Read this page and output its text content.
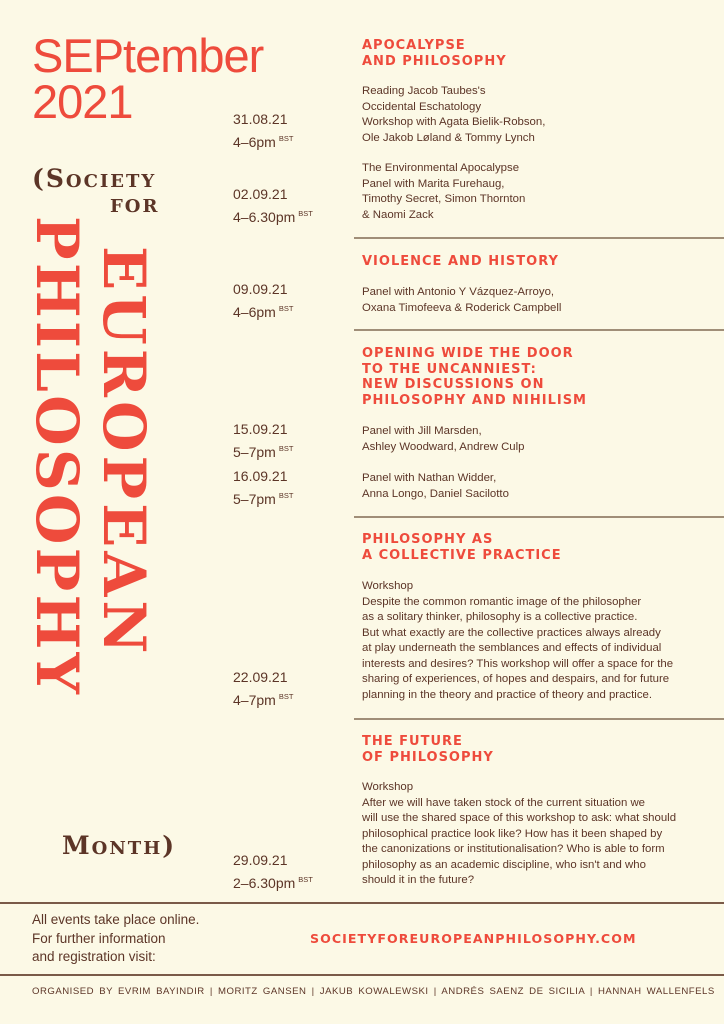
SEPtember
2021
(Society
for
PHILOSOPHY EUROPEAN
Month)
31.08.21
4–6pm $^{BST}$
02.09.21
4–6.30pm $^{BST}$
09.09.21
4–6pm $^{BST}$
15.09.21
5–7pm $^{BST}$
16.09.21
5–7pm $^{BST}$
22.09.21
4–7pm $^{BST}$
29.09.21
2–6.30pm $^{BST}$
APOCALYPSE
AND PHILOSOPHY
Reading Jacob Taubes's
Occidental Eschatology
Workshop with Agata Bielik-Robson,
Ole Jakob Løland & Tommy Lynch
The Environmental Apocalypse
Panel with Marita Furehaug,
Timothy Secret, Simon Thornton
& Naomi Zack
VIOLENCE AND HISTORY
Panel with Antonio Y Vázquez-Arroyo,
Oxana Timofeeva & Roderick Campbell
OPENING WIDE THE DOOR
TO THE UNCANNIEST:
NEW DISCUSSIONS ON
PHILOSOPHY AND NIHILISM
Panel with Jill Marsden,
Ashley Woodward, Andrew Culp
Panel with Nathan Widder,
Anna Longo, Daniel Sacilotto
PHILOSOPHY AS
A COLLECTIVE PRACTICE
Workshop
Despite the common romantic image of the philosopher
as a solitary thinker, philosophy is a collective practice.
But what exactly are the collective practices always already
at play underneath the semblances and effects of individual
interests and desires? This workshop will offer a space for the
sharing of experiences, of hopes and despairs, and for future
planning in the theory and practice of theory and practice.
THE FUTURE
OF PHILOSOPHY
Workshop
After we will have taken stock of the current situation we
will use the shared space of this workshop to ask: what should
philosophical practice look like? How has it been shaped by
the canonizations or institutionalisation? Who is able to form
philosophy as an academic discipline, who isn't and who
should it in the future?
All events take place online.
For further information
and registration visit:
SOCIETYFOREUROPEANPHILOSOPHY.COM
ORGANISED BY EVRIM BAYINDIR | MORITZ GANSEN | JAKUB KOWALEWSKI | ANDRÉS SAENZ DE SICILIA | HANNAH WALLENFELS
